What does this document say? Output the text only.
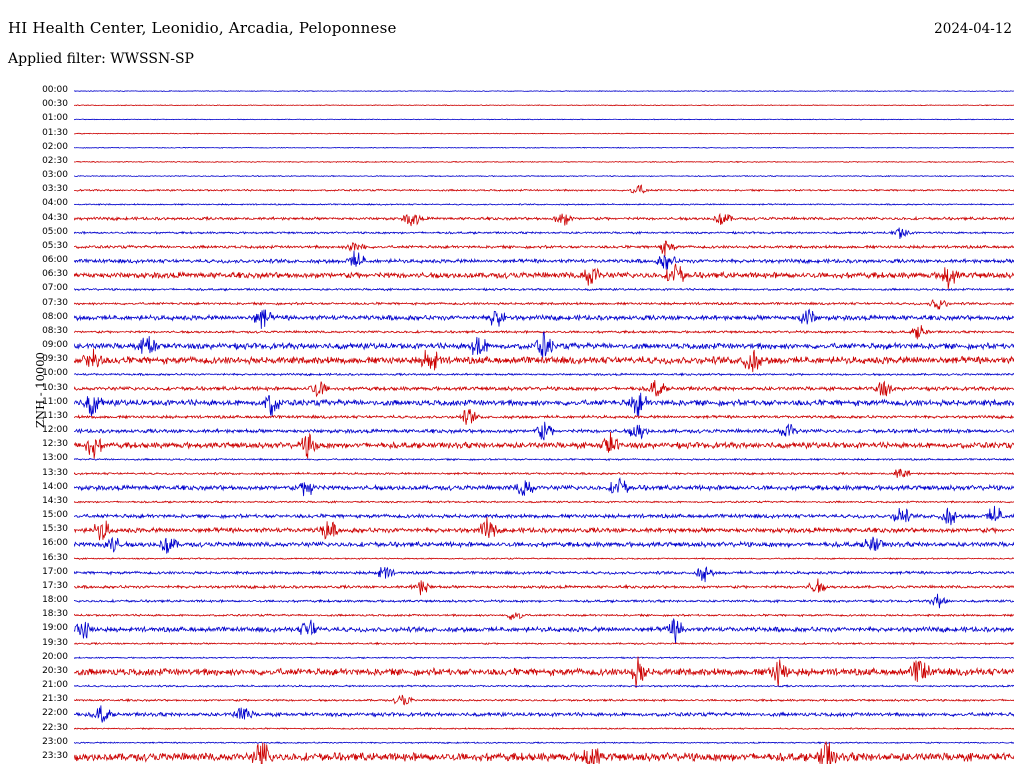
HI Health Center, Leonidio, Arcadia, Peloponnese	2024-04-12
Applied filter: WWSSN-SP
ZNH - 10000
00:00
00:30
01:00
01:30
02:00
02:30
03:00
03:30
04:00
04:30
05:00
05:30
06:00
06:30
07:00
07:30
08:00
08:30
09:00
09:30
10:00
10:30
11:00
11:30
12:00
12:30
13:00
13:30
14:00
14:30
15:00
15:30
16:00
16:30
17:00
17:30
18:00
18:30
19:00
19:30
20:00
20:30
21:00
21:30
22:00
22:30
23:00
23:30
